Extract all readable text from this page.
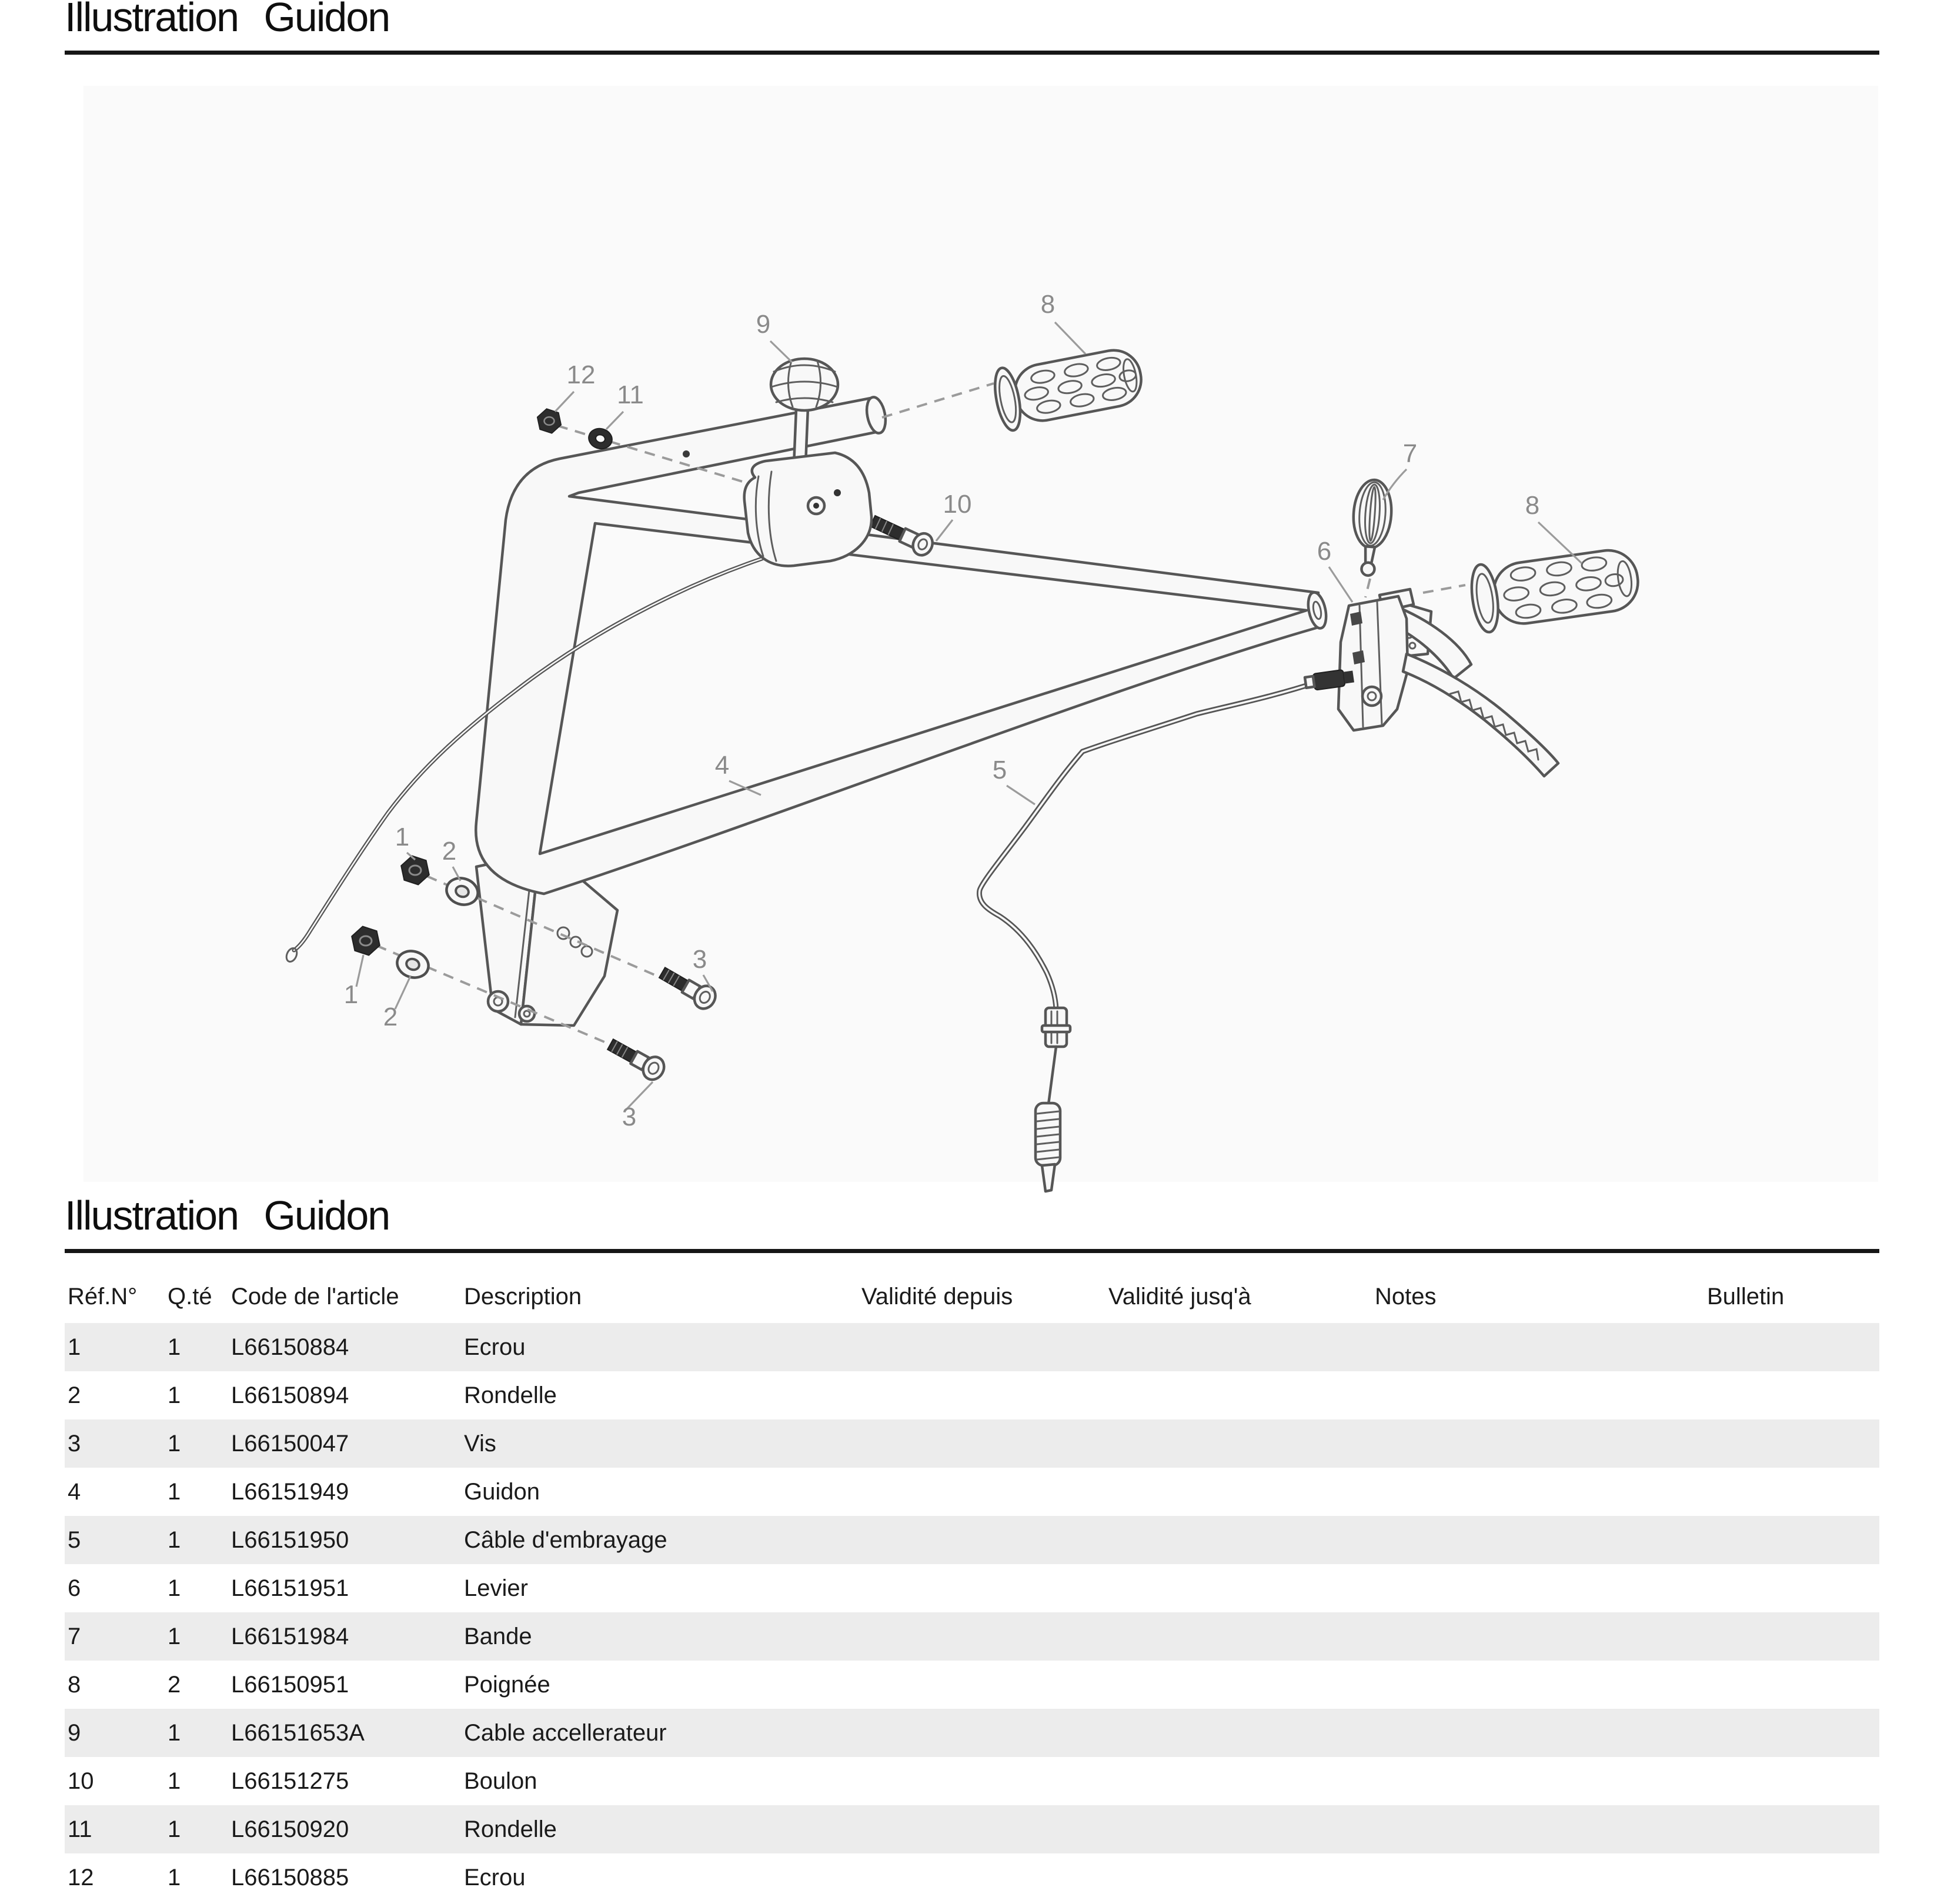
Illustration Guidon
9
8
12
11
10
7
6
8
4	5
1 2
1
2
3
3
Illustration Guidon
Réf.N°	Q.té	Code de l'article	Description	Validité depuis	Validité jusq'à	Notes	Bulletin
1	1	L66150884	Ecrou				
2	1	L66150894	Rondelle				
3	1	L66150047	Vis				
4	1	L66151949	Guidon				
5	1	L66151950	Câble d'embrayage				
6	1	L66151951	Levier				
7	1	L66151984	Bande				
8	2	L66150951	Poignée				
9	1	L66151653A	Cable accellerateur				
10	1	L66151275	Boulon				
11	1	L66150920	Rondelle				
12	1	L66150885	Ecrou				
